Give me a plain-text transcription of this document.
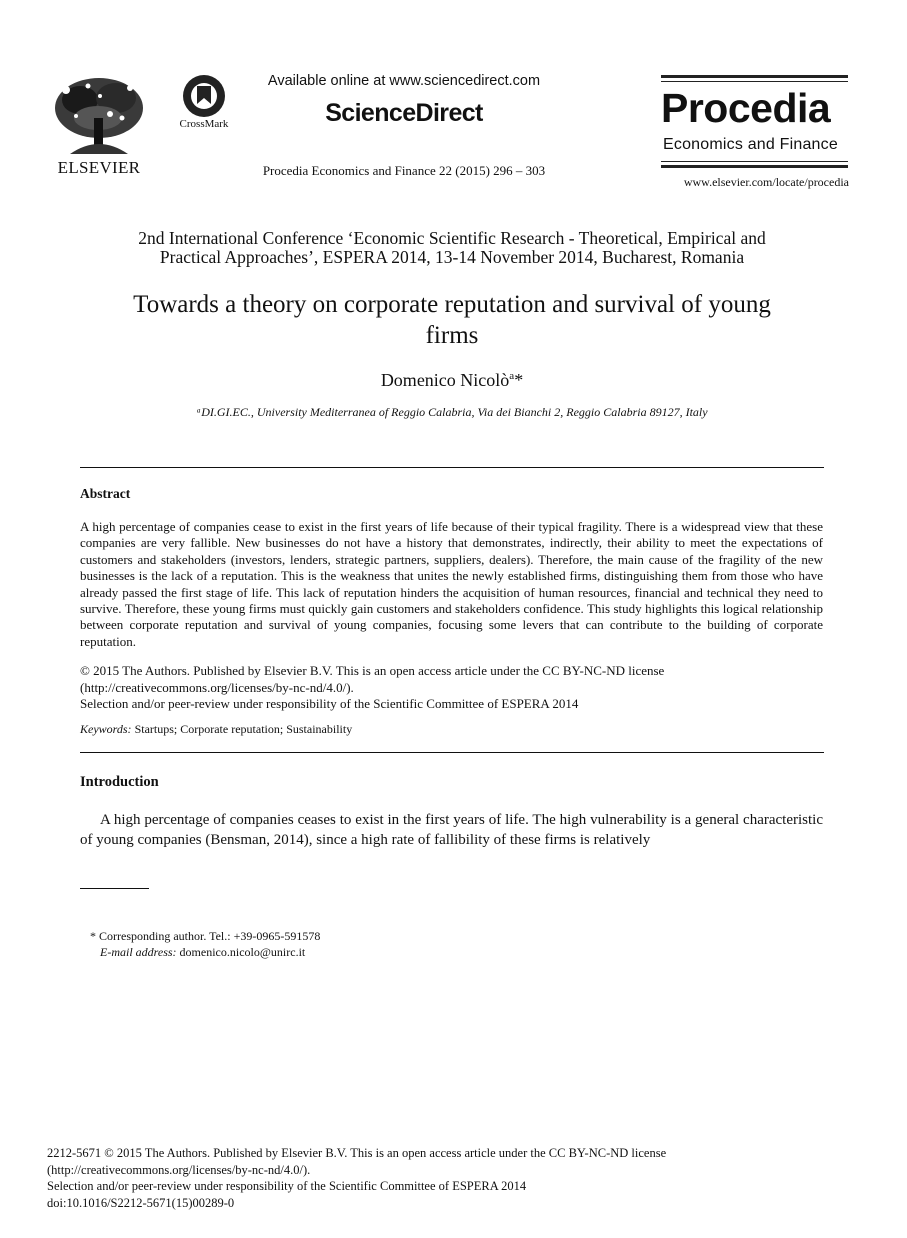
ELSEVIER
CrossMark
Available online at www.sciencedirect.com
ScienceDirect
Procedia Economics and Finance 22 (2015) 296 – 303
Procedia
Economics and Finance
www.elsevier.com/locate/procedia
2nd International Conference ‘Economic Scientific Research - Theoretical, Empirical and
Practical Approaches’, ESPERA 2014, 13-14 November 2014, Bucharest, Romania
Towards a theory on corporate reputation and survival of young
firms
Domenico Nicolò$^a$*
ᵃDI.GI.EC., University Mediterranea of Reggio Calabria, Via dei Bianchi 2, Reggio Calabria 89127, Italy
Abstract
A high percentage of companies cease to exist in the first years of life because of their typical fragility. There is a widespread view that these companies are very fallible. New businesses do not have a history that demonstrates, indirectly, their ability to meet the expectations of customers and stakeholders (investors, lenders, strategic partners, suppliers, dealers). Therefore, the main cause of the fragility of the new businesses is the lack of a reputation. This is the weakness that unites the newly established firms, distinguishing them from those who have already passed the first stage of life. This lack of reputation hinders the acquisition of human resources, financial and technical they need to survive. Therefore, these young firms must quickly gain customers and stakeholders confidence. This study highlights this logical relationship between corporate reputation and survival of young companies, focusing some levers that can contribute to the building of corporate reputation.
© 2015 The Authors. Published by Elsevier B.V. This is an open access article under the CC BY-NC-ND license
(http://creativecommons.org/licenses/by-nc-nd/4.0/).
Selection and/or peer-review under responsibility of the Scientific Committee of ESPERA 2014
Keywords: Startups; Corporate reputation; Sustainability
Introduction
A high percentage of companies ceases to exist in the first years of life. The high vulnerability is a general characteristic of young companies (Bensman, 2014), since a high rate of fallibility of these firms is relatively
* Corresponding author. Tel.: +39-0965-591578
E-mail address: domenico.nicolo@unirc.it
2212-5671 © 2015 The Authors. Published by Elsevier B.V. This is an open access article under the CC BY-NC-ND license
(http://creativecommons.org/licenses/by-nc-nd/4.0/).
Selection and/or peer-review under responsibility of the Scientific Committee of ESPERA 2014
doi:10.1016/S2212-5671(15)00289-0
